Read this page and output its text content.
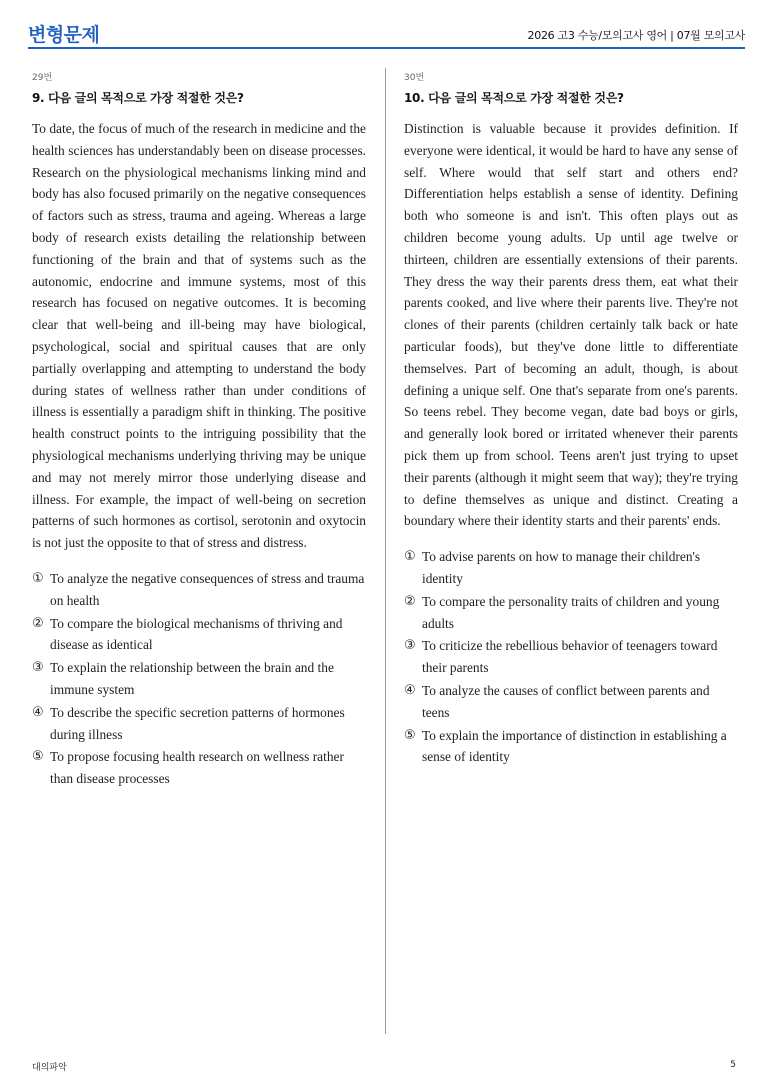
변형문제	2026 고3 수능/모의고사 영어 | 07월 모의고사
29번
9. 다음 글의 목적으로 가장 적절한 것은?
To date, the focus of much of the research in medicine and the health sciences has understandably been on disease processes. Research on the physiological mechanisms linking mind and body has also focused primarily on the negative consequences of factors such as stress, trauma and ageing. Whereas a large body of research exists detailing the relationship between functioning of the brain and that of systems such as the autonomic, endocrine and immune systems, most of this research has focused on negative outcomes. It is becoming clear that well-being and ill-being may have biological, psychological, social and spiritual causes that are only partially overlapping and attempting to understand the body during states of wellness rather than under conditions of illness is essentially a paradigm shift in thinking. The positive health construct points to the intriguing possibility that the physiological mechanisms underlying thriving may be unique and may not merely mirror those underlying disease and illness. For example, the impact of well-being on secretion patterns of such hormones as cortisol, serotonin and oxytocin is not just the opposite to that of stress and distress.
① To analyze the negative consequences of stress and trauma on health
② To compare the biological mechanisms of thriving and disease as identical
③ To explain the relationship between the brain and the immune system
④ To describe the specific secretion patterns of hormones during illness
⑤ To propose focusing health research on wellness rather than disease processes
30번
10. 다음 글의 목적으로 가장 적절한 것은?
Distinction is valuable because it provides definition. If everyone were identical, it would be hard to have any sense of self. Where would that self start and others end? Differentiation helps establish a sense of identity. Defining both who someone is and isn't. This often plays out as children become young adults. Up until age twelve or thirteen, children are essentially extensions of their parents. They dress the way their parents dress them, eat what their parents cooked, and live where their parents live. They're not clones of their parents (children certainly talk back or hate particular foods), but they've done little to differentiate themselves. Part of becoming an adult, though, is about defining a unique self. One that's separate from one's parents. So teens rebel. They become vegan, date bad boys or girls, and generally look bored or irritated whenever their parents pick them up from school. Teens aren't just trying to upset their parents (although it might seem that way); they're trying to define themselves as unique and distinct. Creating a boundary where their identity starts and their parents' ends.
① To advise parents on how to manage their children's identity
② To compare the personality traits of children and young adults
③ To criticize the rebellious behavior of teenagers toward their parents
④ To analyze the causes of conflict between parents and teens
⑤ To explain the importance of distinction in establishing a sense of identity
대의파악	5
